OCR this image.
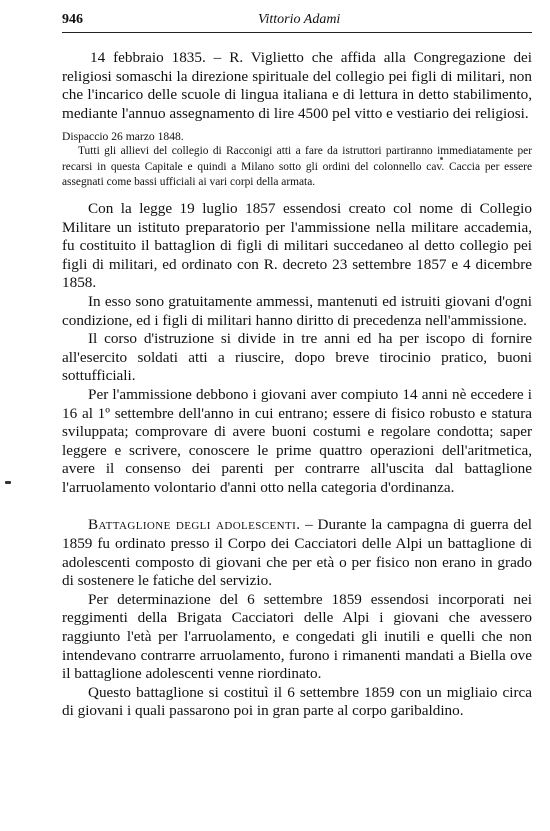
946	Vittorio Adami

14 febbraio 1835. – R. Viglietto che affida alla Congregazione dei religiosi somaschi la direzione spirituale del collegio pei figli di militari, non che l'incarico delle scuole di lingua italiana e di lettura in detto stabilimento, mediante l'annuo assegnamento di lire 4500 pel vitto e vestiario dei religiosi.

Dispaccio 26 marzo 1848.

Tutti gli allievi del collegio di Racconigi atti a fare da istruttori partiranno immediatamente per recarsi in questa Capitale e quindi a Milano sotto gli ordini del colonnello cav. Caccia per essere assegnati come bassi ufficiali ai vari corpi della armata.

Con la legge 19 luglio 1857 essendosi creato col nome di Collegio Militare un istituto preparatorio per l'ammissione nella militare accademia, fu costituito il battaglion di figli di militari succedaneo al detto collegio pei figli di militari, ed ordinato con R. decreto 23 settembre 1857 e 4 dicembre 1858.

In esso sono gratuitamente ammessi, mantenuti ed istruiti giovani d'ogni condizione, ed i figli di militari hanno diritto di precedenza nell'ammissione.

Il corso d'istruzione si divide in tre anni ed ha per iscopo di fornire all'esercito soldati atti a riuscire, dopo breve tirocinio pratico, buoni sottufficiali.

Per l'ammissione debbono i giovani aver compiuto 14 anni nè eccedere i 16 al 1º settembre dell'anno in cui entrano; essere di fisico robusto e statura sviluppata; comprovare di avere buoni costumi e regolare condotta; saper leggere e scrivere, conoscere le prime quattro operazioni dell'aritmetica, avere il consenso dei parenti per contrarre all'uscita dal battaglione l'arruolamento volontario d'anni otto nella categoria d'ordinanza.

Battaglione degli adolescenti. – Durante la campagna di guerra del 1859 fu ordinato presso il Corpo dei Cacciatori delle Alpi un battaglione di adolescenti composto di giovani che per età o per fisico non erano in grado di sostenere le fatiche del servizio.

Per determinazione del 6 settembre 1859 essendosi incorporati nei reggimenti della Brigata Cacciatori delle Alpi i giovani che avessero raggiunto l'età per l'arruolamento, e congedati gli inutili e quelli che non intendevano contrarre arruolamento, furono i rimanenti mandati a Biella ove il battaglione adolescenti venne riordinato.

Questo battaglione si costituì il 6 settembre 1859 con un migliaio circa di giovani i quali passarono poi in gran parte al corpo garibaldino.
